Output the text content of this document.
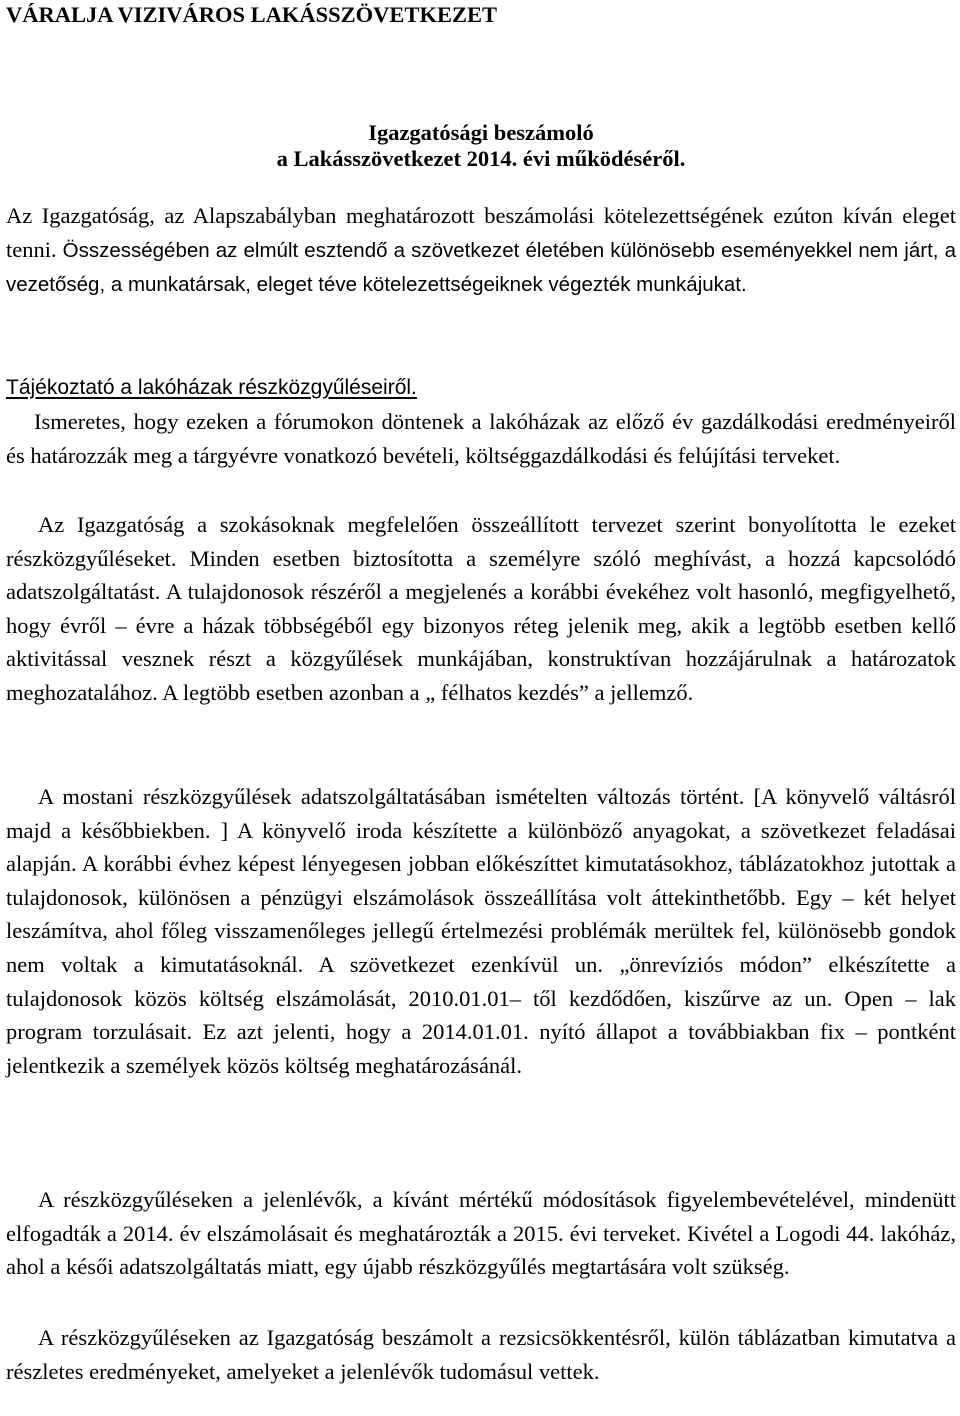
VÁRALJA VIZIVÁROS LAKÁSSZÖVETKEZET
Igazgatósági beszámoló
a Lakásszövetkezet 2014. évi működéséről.
Az Igazgatóság, az Alapszabályban meghatározott beszámolási kötelezettségének ezúton kíván eleget tenni. Összességében az elmúlt esztendő a szövetkezet életében különösebb eseményekkel nem járt, a vezetőség, a munkatársak, eleget téve kötelezettségeiknek végezték munkájukat.
Tájékoztató a lakóházak részközgyűléseiről.
Ismeretes, hogy ezeken a fórumokon döntenek a lakóházak az előző év gazdálkodási eredményeiről és határozzák meg a tárgyévre vonatkozó bevételi, költséggazdálkodási és felújítási terveket.
Az Igazgatóság a szokásoknak megfelelően összeállított tervezet szerint bonyolította le ezeket részközgyűléseket. Minden esetben biztosította a személyre szóló meghívást, a hozzá kapcsolódó adatszolgáltatást. A tulajdonosok részéről a megjelenés a korábbi évekéhez volt hasonló, megfigyelhető, hogy évről – évre a házak többségéből egy bizonyos réteg jelenik meg, akik a legtöbb esetben kellő aktivitással vesznek részt a közgyűlések munkájában, konstruktívan hozzájárulnak a határozatok meghozatalához. A legtöbb esetben azonban a „ félhatos kezdés” a jellemző.
A mostani részközgyűlések adatszolgáltatásában ismételten változás történt. [A könyvelő váltásról majd a későbbiekben. ] A könyvelő iroda készítette a különböző anyagokat, a szövetkezet feladásai alapján. A korábbi évhez képest lényegesen jobban előkészíttet kimutatásokhoz, táblázatokhoz jutottak a tulajdonosok, különösen a pénzügyi elszámolások összeállítása volt áttekinthetőbb. Egy – két helyet leszámítva, ahol főleg visszamenőleges jellegű értelmezési problémák merültek fel, különösebb gondok nem voltak a kimutatásoknál. A szövetkezet ezenkívül un. „önrevíziós módon” elkészítette a tulajdonosok közös költség elszámolását, 2010.01.01– től kezdődően, kiszűrve az un. Open – lak program torzulásait. Ez azt jelenti, hogy a 2014.01.01. nyító állapot a továbbiakban fix – pontként jelentkezik a személyek közös költség meghatározásánál.
A részközgyűléseken a jelenlévők, a kívánt mértékű módosítások figyelembevételével, mindenütt elfogadták a 2014. év elszámolásait és meghatározták a 2015. évi terveket. Kivétel a Logodi 44. lakóház, ahol a késői adatszolgáltatás miatt, egy újabb részközgyűlés megtartására volt szükség.
A részközgyűléseken az Igazgatóság beszámolt a rezsicsökkentésről, külön táblázatban kimutatva a részletes eredményeket, amelyeket a jelenlévők tudomásul vettek.
